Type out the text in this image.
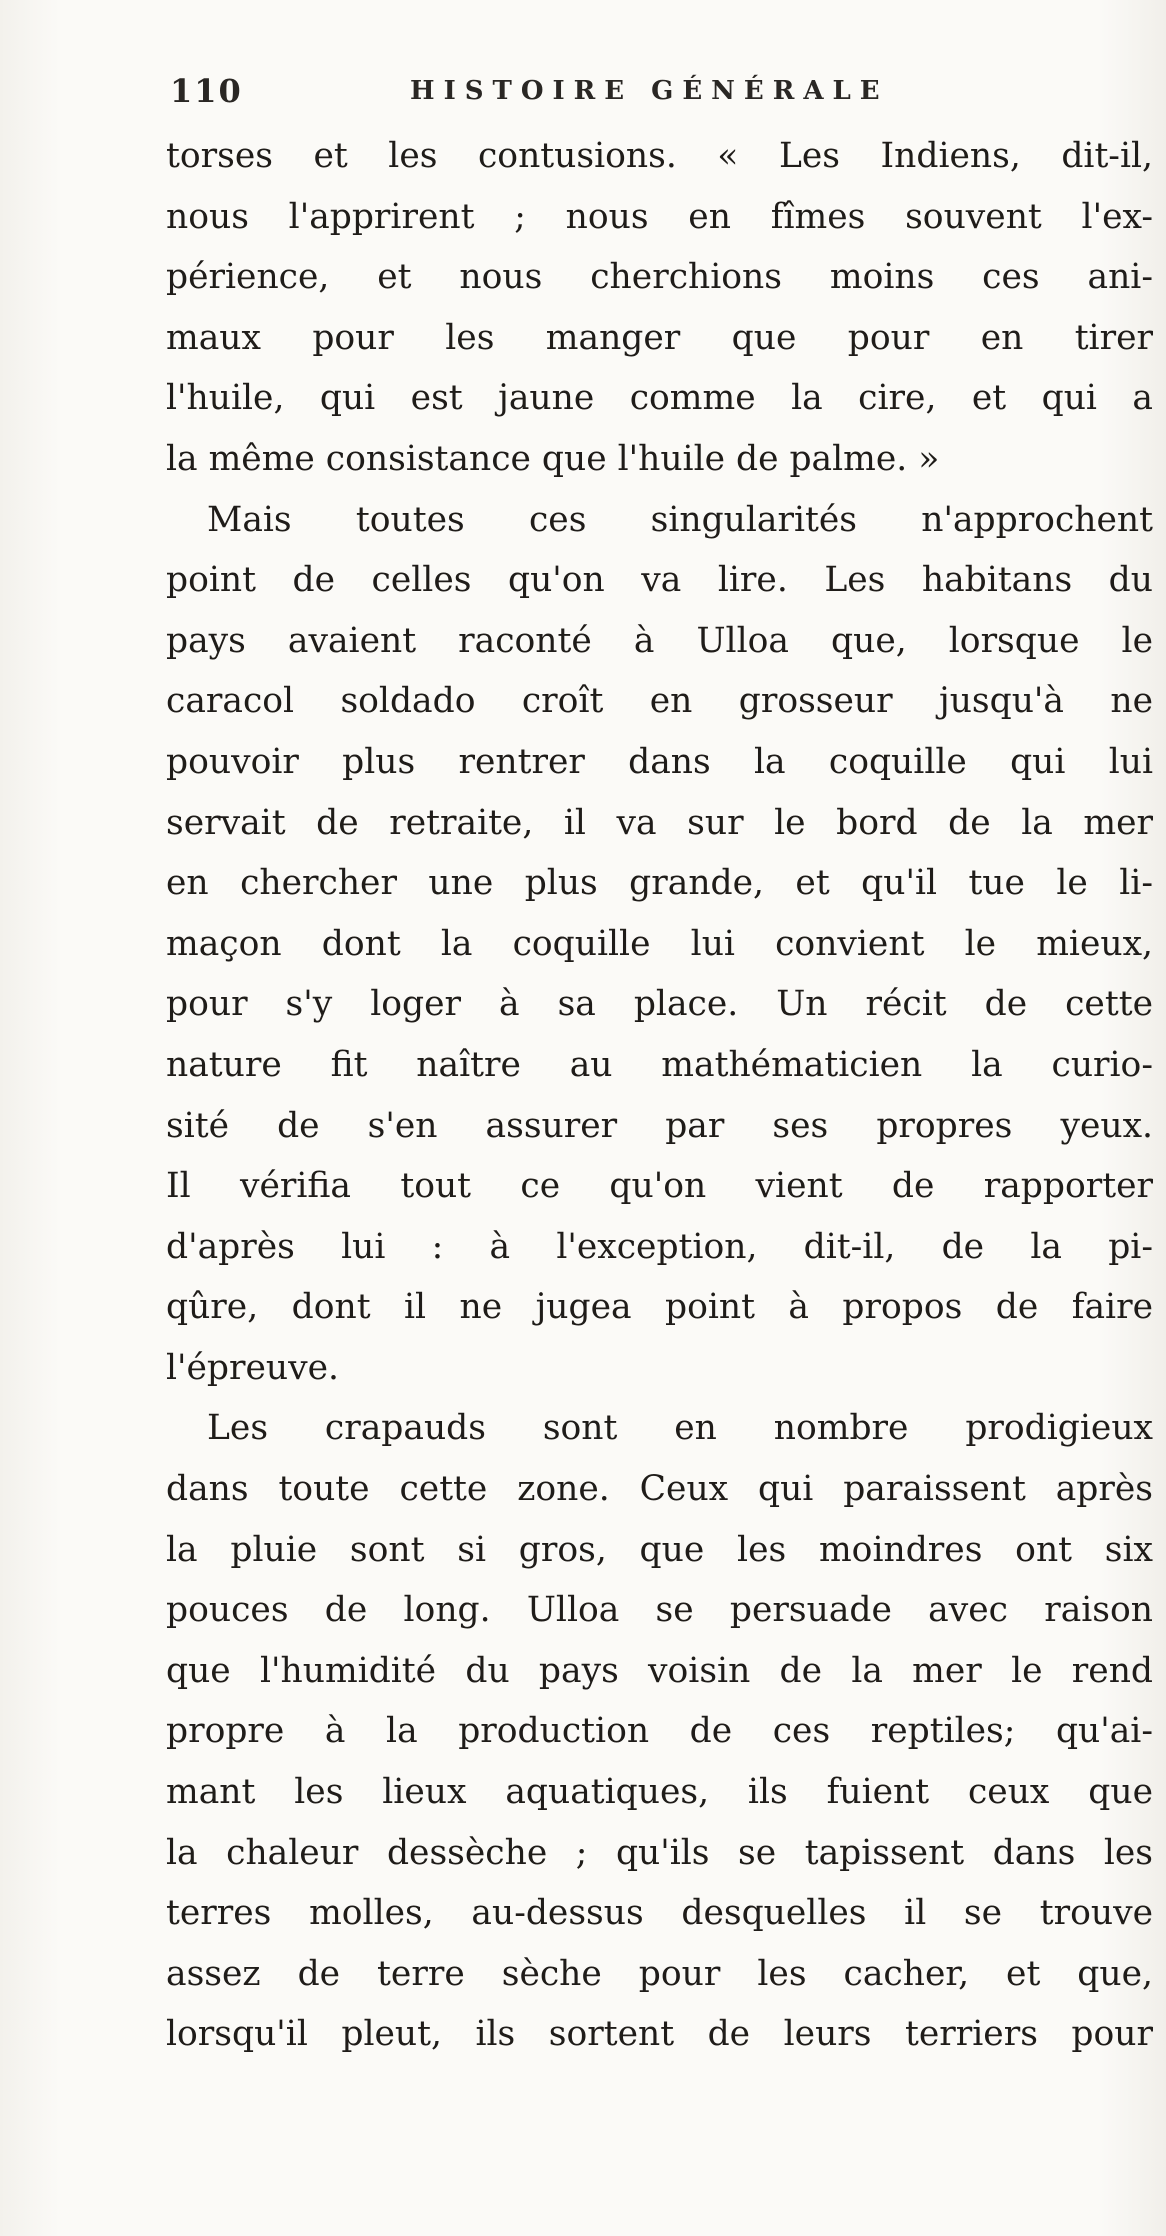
110	HISTOIRE GÉNÉRALE
torses et les contusions. « Les Indiens, dit-il,
nous l'apprirent ; nous en fîmes souvent l'ex-
périence, et nous cherchions moins ces ani-
maux pour les manger que pour en tirer
l'huile, qui est jaune comme la cire, et qui a
la même consistance que l'huile de palme. »
Mais toutes ces singularités n'approchent
point de celles qu'on va lire. Les habitans du
pays avaient raconté à Ulloa que, lorsque le
caracol soldado croît en grosseur jusqu'à ne
pouvoir plus rentrer dans la coquille qui lui
servait de retraite, il va sur le bord de la mer
en chercher une plus grande, et qu'il tue le li-
maçon dont la coquille lui convient le mieux,
pour s'y loger à sa place. Un récit de cette
nature fit naître au mathématicien la curio-
sité de s'en assurer par ses propres yeux.
Il vérifia tout ce qu'on vient de rapporter
d'après lui : à l'exception, dit-il, de la pi-
qûre, dont il ne jugea point à propos de faire
l'épreuve.
Les crapauds sont en nombre prodigieux
dans toute cette zone. Ceux qui paraissent après
la pluie sont si gros, que les moindres ont six
pouces de long. Ulloa se persuade avec raison
que l'humidité du pays voisin de la mer le rend
propre à la production de ces reptiles; qu'ai-
mant les lieux aquatiques, ils fuient ceux que
la chaleur dessèche ; qu'ils se tapissent dans les
terres molles, au-dessus desquelles il se trouve
assez de terre sèche pour les cacher, et que,
lorsqu'il pleut, ils sortent de leurs terriers pour
